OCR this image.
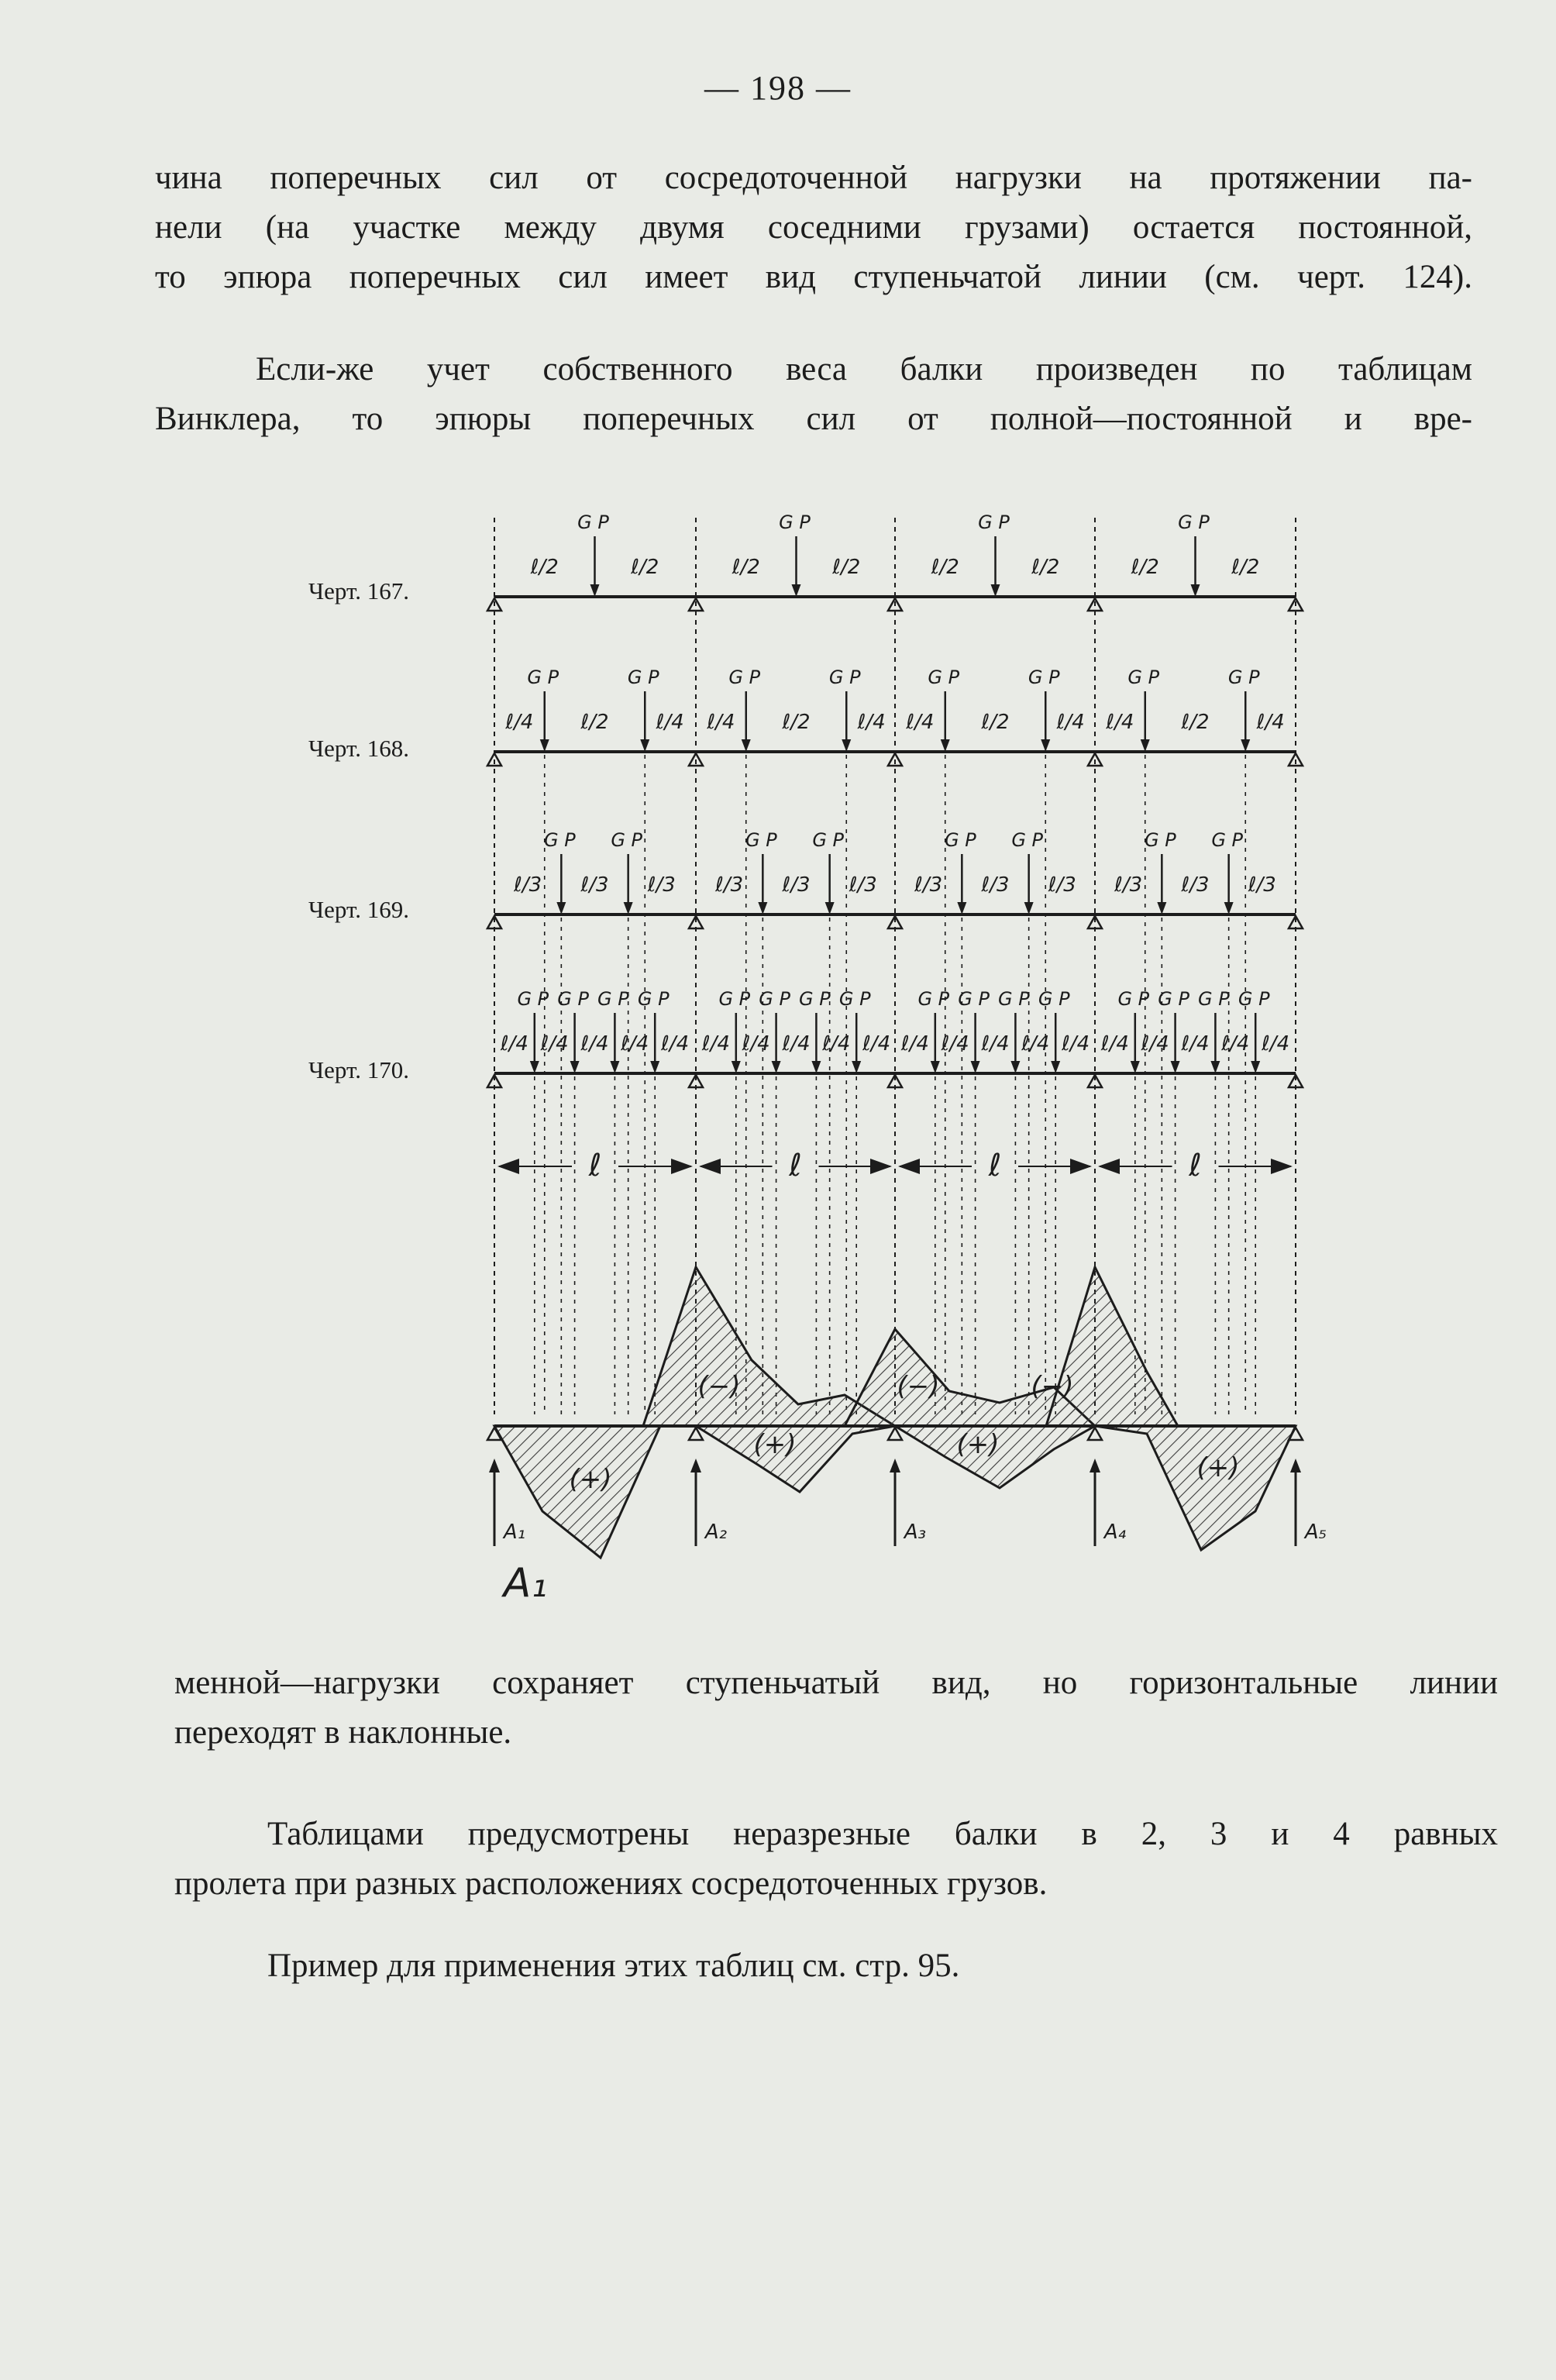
— 198 —
чина поперечных сил от сосредоточенной нагрузки на протяжении па-
нели (на участке между двумя соседними грузами) остается постоянной,
то эпюра поперечных сил имеет вид ступеньчатой линии (см. черт. 124).
Если-же учет собственного веса балки произведен по таблицам
Винклера, то эпюры поперечных сил от полной—постоянной и вре-
Черт. 167.
Черт. 168.
Черт. 169.
Черт. 170.
G P
ℓ/2	ℓ/2
G P
ℓ/2	ℓ/2
G P
ℓ/2	ℓ/2
G P
ℓ/2	ℓ/2
G P	G P
ℓ/4 ℓ/2 ℓ/4
G P	G P
ℓ/4 ℓ/2 ℓ/4
G P	G P
ℓ/4 ℓ/2 ℓ/4
G P	G P
ℓ/4 ℓ/2 ℓ/4
G P G P
ℓ/3 ℓ/3 ℓ/3
G P G P
ℓ/3 ℓ/3 ℓ/3
G P G P
ℓ/3 ℓ/3 ℓ/3
G P G P
ℓ/3 ℓ/3 ℓ/3
G P G P G P G P
ℓ/4 ℓ/4 ℓ/4 ℓ/4 ℓ/4
G P G P G P G P
ℓ/4 ℓ/4 ℓ/4 ℓ/4 ℓ/4
G P G P G P G P
ℓ/4 ℓ/4 ℓ/4 ℓ/4 ℓ/4
G P G P G P G P
ℓ/4 ℓ/4 ℓ/4 ℓ/4 ℓ/4
ℓ	ℓ	ℓ	ℓ
(+)
(−)
(+)
(−)
(+)
(−)
(+)
A₁	A₂	A₃	A₄	A₅
A₁
менной—нагрузки сохраняет ступеньчатый вид, но горизонтальные линии
переходят в наклонные.
Таблицами предусмотрены неразрезные балки в 2, 3 и 4 равных
пролета при разных расположениях сосредоточенных грузов.
Пример для применения этих таблиц см. стр. 95.
